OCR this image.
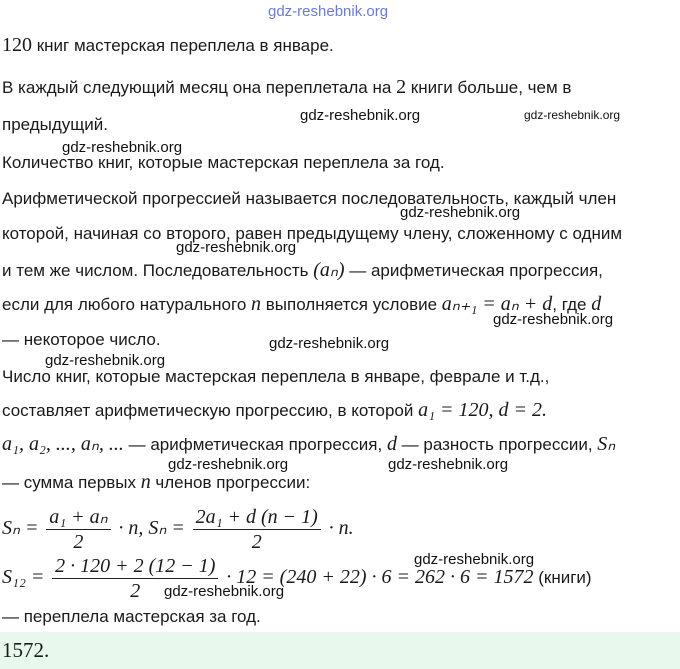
gdz-reshebnik.org
120 книг мастерская переплела в январе.
В каждый следующий месяц она переплетала на 2 книги больше, чем в
предыдущий.	gdz-reshebnik.org	gdz-reshebnik.org
gdz-reshebnik.org
Количество книг, которые мастерская переплела за год.
Арифметической прогрессией называется последовательность, каждый член
gdz-reshebnik.org
которой, начиная со второго, равен предыдущему члену, сложенному с одним
gdz-reshebnik.org
и тем же числом. Последовательность (aₙ) — арифметическая прогрессия,
если для любого натурального n выполняется условие aₙ₊₁ = aₙ + d, где d
gdz-reshebnik.org
— некоторое число.	gdz-reshebnik.org
gdz-reshebnik.org
Число книг, которые мастерская переплела в январе, феврале и т.д.,
составляет арифметическую прогрессию, в которой a₁ = 120, d = 2.
a₁, a₂, ..., aₙ, ... — арифметическая прогрессия, d — разность прогрессии, Sₙ
gdz-reshebnik.org	gdz-reshebnik.org
— сумма первых n членов прогрессии:
$S_n = \frac{\text{a₁ + aₙ}}{2} \cdot n$, $S_n = \frac{\text{2a₁ + d (n − 1)}}{2} \cdot n$.
gdz-reshebnik.org
$S_{12} = \frac{2 \cdot 120 + 2 (12 - 1)}{2} \cdot 12 = (240 + 22) \cdot 6 = 262 \cdot 6 = 1572$ (книги)
gdz-reshebnik.org
— переплела мастерская за год.
1572.
